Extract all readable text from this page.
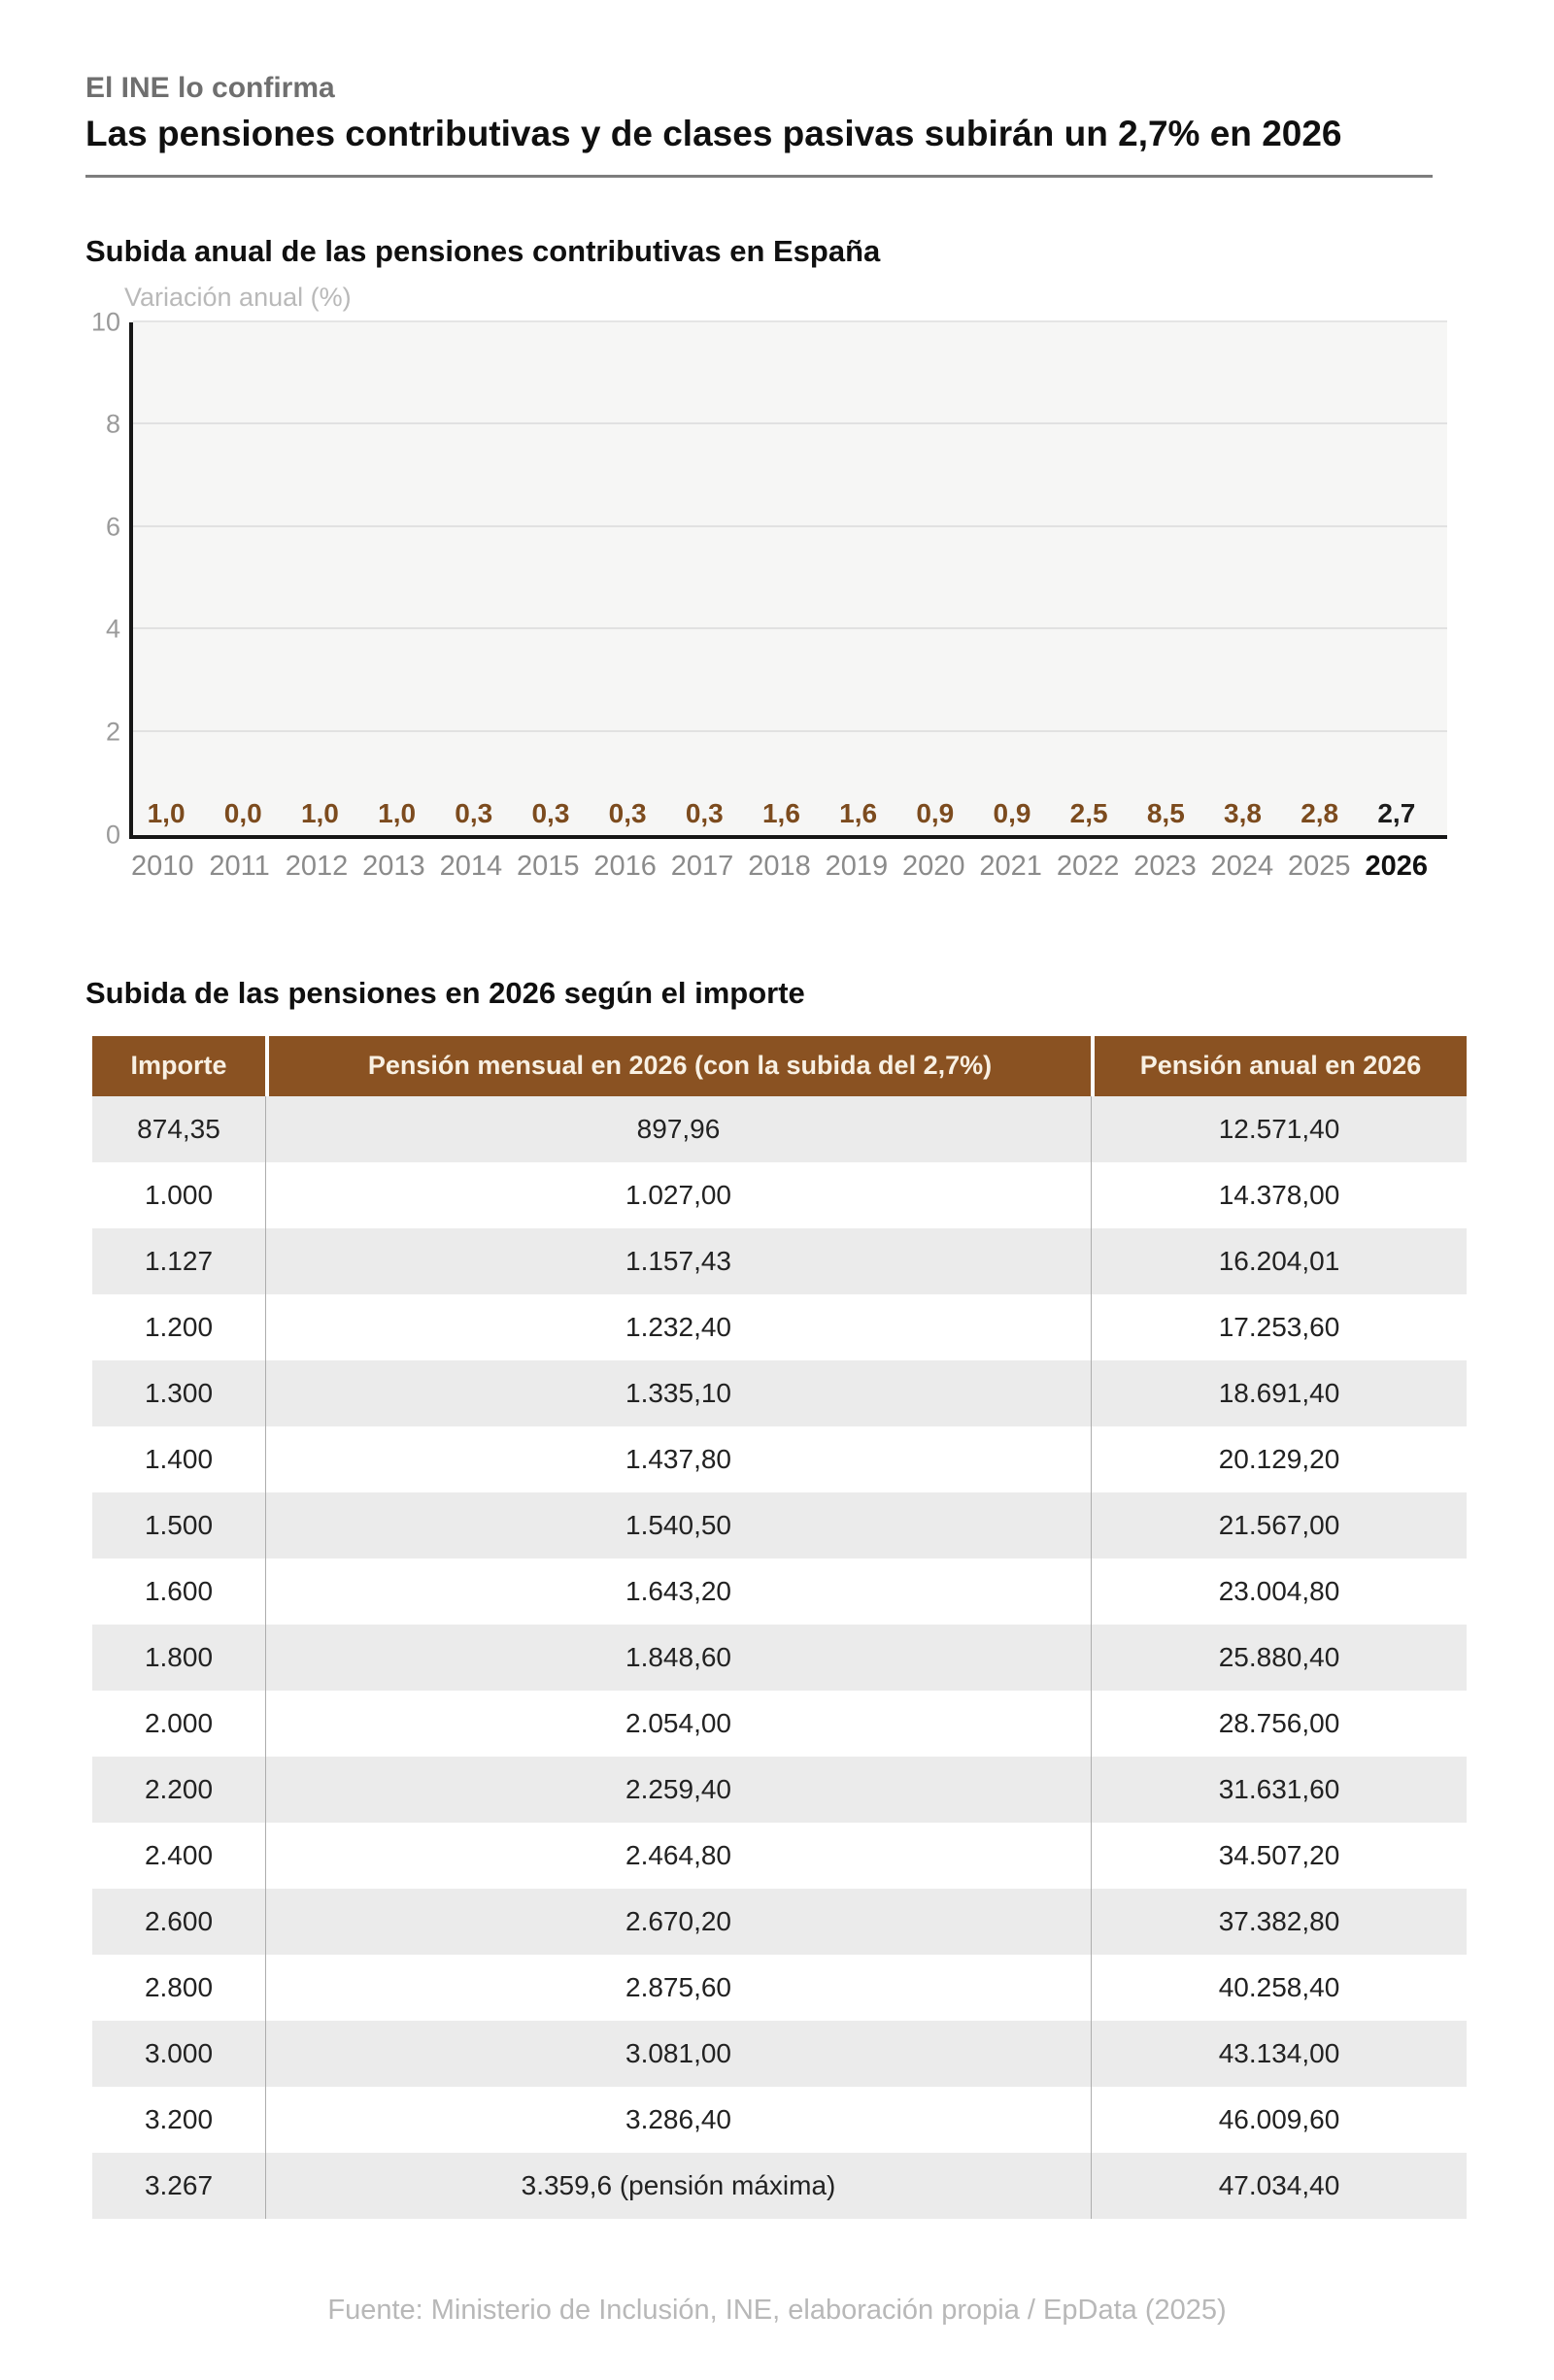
El INE lo confirma
Las pensiones contributivas y de clases pasivas subirán un 2,7% en 2026
Subida anual de las pensiones contributivas en España
Variación anual (%)
0
2
4
6
8
10
1,0 0,0 1,0 1,0 0,3 0,3 0,3 0,3 1,6 1,6 0,9 0,9 2,5 8,5 3,8 2,8 2,7
2010 2011 2012 2013 2014 2015 2016 2017 2018 2019 2020 2021 2022 2023 2024 2025 2026
Subida de las pensiones en 2026 según el importe
Importe	Pensión mensual en 2026 (con la subida del 2,7%)	Pensión anual en 2026
874,35	897,96	12.571,40
1.000	1.027,00	14.378,00
1.127	1.157,43	16.204,01
1.200	1.232,40	17.253,60
1.300	1.335,10	18.691,40
1.400	1.437,80	20.129,20
1.500	1.540,50	21.567,00
1.600	1.643,20	23.004,80
1.800	1.848,60	25.880,40
2.000	2.054,00	28.756,00
2.200	2.259,40	31.631,60
2.400	2.464,80	34.507,20
2.600	2.670,20	37.382,80
2.800	2.875,60	40.258,40
3.000	3.081,00	43.134,00
3.200	3.286,40	46.009,60
3.267	3.359,6 (pensión máxima)	47.034,40
Fuente: Ministerio de Inclusión, INE, elaboración propia / EpData (2025)
